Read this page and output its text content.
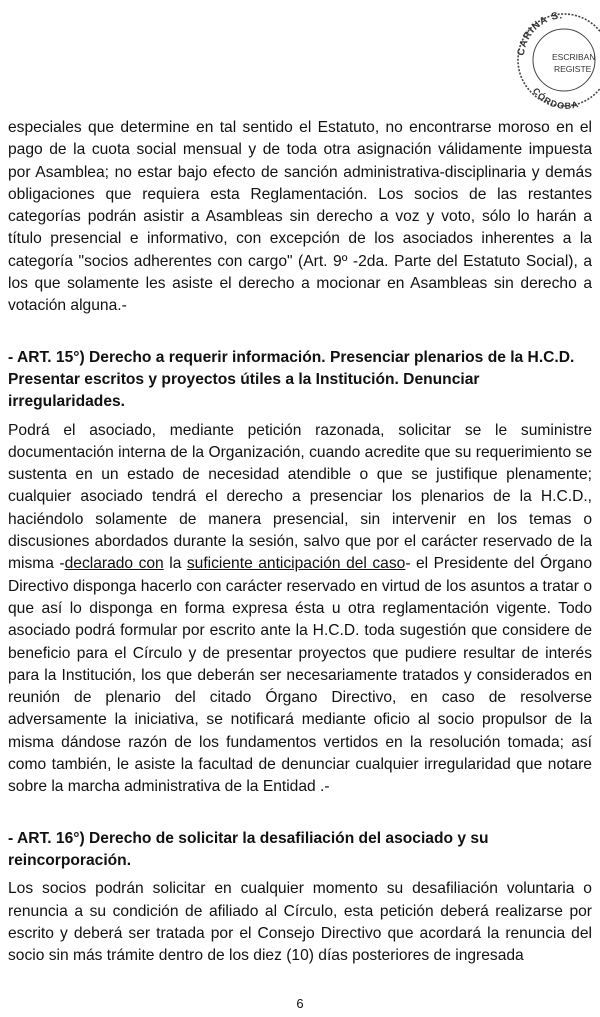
CARINA S.
ESCRIBAN
REGISTE
CÓRDOBA

especiales que determine en tal sentido el Estatuto, no encontrarse moroso en el pago de la cuota social mensual y de toda otra asignación válidamente impuesta por Asamblea; no estar bajo efecto de sanción administrativa-disciplinaria y demás obligaciones que requiera esta Reglamentación. Los socios de las restantes categorías podrán asistir a Asambleas sin derecho a voz y voto, sólo lo harán a título presencial e informativo, con excepción de los asociados inherentes a la categoría "socios adherentes con cargo" (Art. 9º -2da. Parte del Estatuto Social), a los que solamente les asiste el derecho a mocionar en Asambleas sin derecho a votación alguna.-

- ART. 15°) Derecho a requerir información. Presenciar plenarios de la H.C.D. Presentar escritos y proyectos útiles a la Institución. Denunciar irregularidades.

Podrá el asociado, mediante petición razonada, solicitar se le suministre documentación interna de la Organización, cuando acredite que su requerimiento se sustenta en un estado de necesidad atendible o que se justifique plenamente; cualquier asociado tendrá el derecho a presenciar los plenarios de la H.C.D., haciéndolo solamente de manera presencial, sin intervenir en los temas o discusiones abordados durante la sesión, salvo que por el carácter reservado de la misma -declarado con la suficiente anticipación del caso- el Presidente del Órgano Directivo disponga hacerlo con carácter reservado en virtud de los asuntos a tratar o que así lo disponga en forma expresa ésta u otra reglamentación vigente. Todo asociado podrá formular por escrito ante la H.C.D. toda sugestión que considere de beneficio para el Círculo y de presentar proyectos que pudiere resultar de interés para la Institución, los que deberán ser necesariamente tratados y considerados en reunión de plenario del citado Órgano Directivo, en caso de resolverse adversamente la iniciativa, se notificará mediante oficio al socio propulsor de la misma dándose razón de los fundamentos vertidos en la resolución tomada; así como también, le asiste la facultad de denunciar cualquier irregularidad que notare sobre la marcha administrativa de la Entidad .-

- ART. 16°) Derecho de solicitar la desafiliación del asociado y su reincorporación.

Los socios podrán solicitar en cualquier momento su desafiliación voluntaria o renuncia a su condición de afiliado al Círculo, esta petición deberá realizarse por escrito y deberá ser tratada por el Consejo Directivo que acordará la renuncia del socio sin más trámite dentro de los diez (10) días posteriores de ingresada

6
